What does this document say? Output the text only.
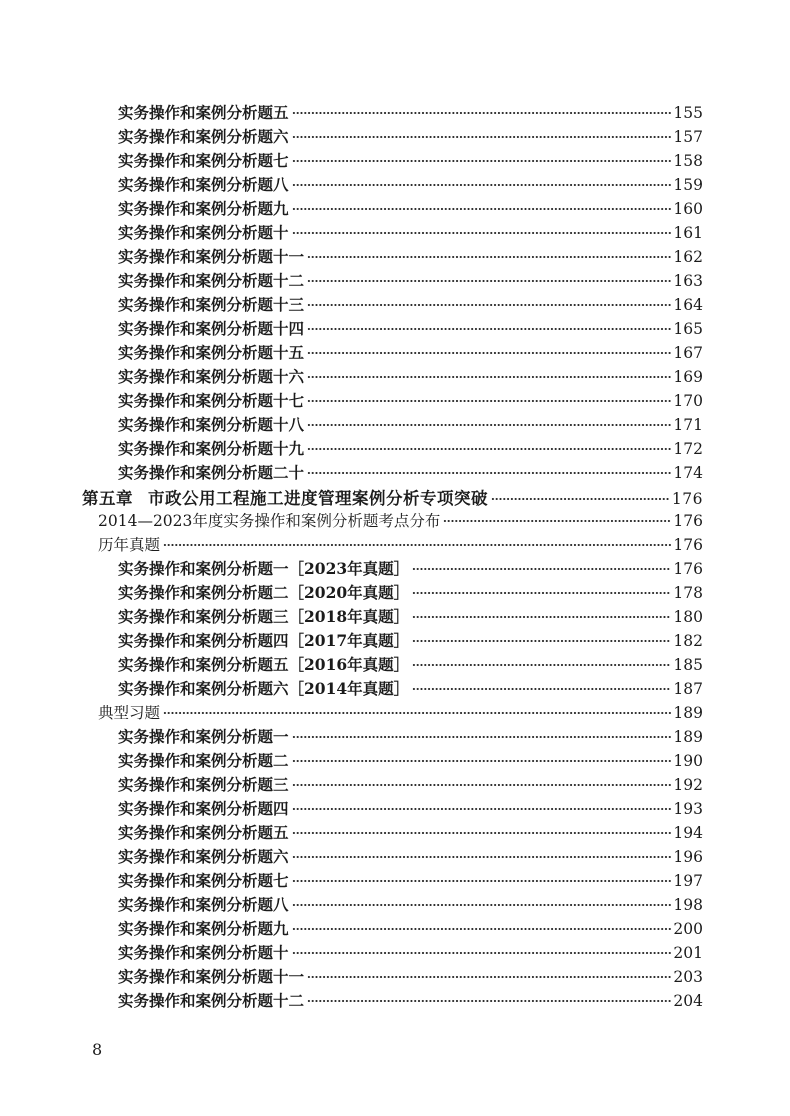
实务操作和案例分析题五	155
实务操作和案例分析题六	157
实务操作和案例分析题七	158
实务操作和案例分析题八	159
实务操作和案例分析题九	160
实务操作和案例分析题十	161
实务操作和案例分析题十一	162
实务操作和案例分析题十二	163
实务操作和案例分析题十三	164
实务操作和案例分析题十四	165
实务操作和案例分析题十五	167
实务操作和案例分析题十六	169
实务操作和案例分析题十七	170
实务操作和案例分析题十八	171
实务操作和案例分析题十九	172
实务操作和案例分析题二十	174
第五章 市政公用工程施工进度管理案例分析专项突破	176
2014—2023年度实务操作和案例分析题考点分布	176
历年真题	176
实务操作和案例分析题一［2023年真题］	176
实务操作和案例分析题二［2020年真题］	178
实务操作和案例分析题三［2018年真题］	180
实务操作和案例分析题四［2017年真题］	182
实务操作和案例分析题五［2016年真题］	185
实务操作和案例分析题六［2014年真题］	187
典型习题	189
实务操作和案例分析题一	189
实务操作和案例分析题二	190
实务操作和案例分析题三	192
实务操作和案例分析题四	193
实务操作和案例分析题五	194
实务操作和案例分析题六	196
实务操作和案例分析题七	197
实务操作和案例分析题八	198
实务操作和案例分析题九	200
实务操作和案例分析题十	201
实务操作和案例分析题十一	203
实务操作和案例分析题十二	204
8
